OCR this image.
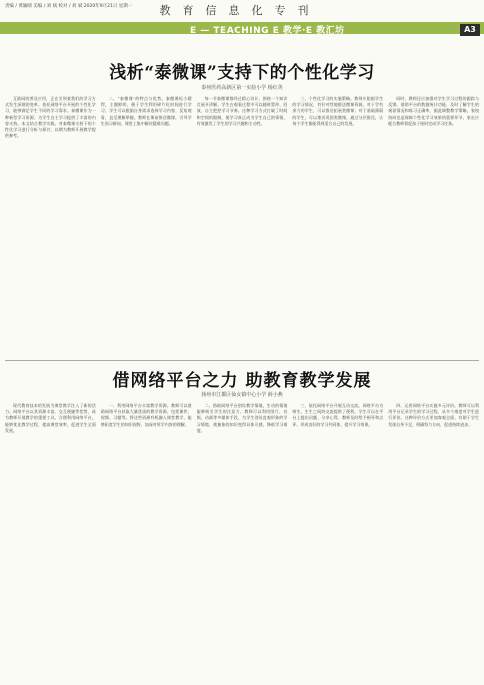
责编 / 黄颖晴 美编 / 刘 斌 校对 / 刘 斌 2020年9月21日 星期一	教育信息化专刊
E — TEACHING E 教学·E 教汇坊	A3
浅析“泰微课”支持下的个性化学习
泰州医药高新区第一实验小学 杨红英

互联网的普及应用，正在引领着我们的学习方式发生深刻的变革。依托网络平台开展的个性化学习，能够满足学生不同的学习需求。泰微课作为一种新型学习资源，为学生自主学习提供了丰富的内容支持。本文结合教学实践，对泰微课支持下的个性化学习进行分析与探讨，以期为教师开展教学提供参考。

二、“泰微课”的特点与优势。泰微课短小精悍，主题鲜明，便于学生利用碎片化时间进行学习。学生可以根据自身需求选择学习内容，反复观看，直至理解掌握。教师在课前推送微课，引导学生预习新知，课堂上集中解决疑难问题。

每一节泰微课都经过精心设计，围绕一个知识点展开讲解。学生在观看过程中可以随时暂停、回放，自主把控学习节奏。这种学习方式打破了时间和空间的限制，使学习真正成为学生自己的事情，有效激发了学生的学习兴趣和主动性。

三、个性化学习的实施策略。教师应根据学生的学习情况，有针对性地推送微课资源。对于学有余力的学生，可以推送拓展类微课；对于基础薄弱的学生，可以推送巩固类微课。通过分层推送，让每个学生都能得到适合自己的发展。

同时，教师还应加强对学生学习过程的跟踪与反馈。借助平台的数据统计功能，及时了解学生的观看情况和练习正确率，据此调整教学策略。家校协同也是保障个性化学习效果的重要环节，家长应配合教师督促孩子按时完成学习任务。

借网络平台之力 助教育教学发展
扬州市江都区仙女镇中心小学 薛小燕

现代教育技术的发展为课堂教学注入了新的活力。网络平台以其资源丰富、交互便捷等优势，成为教师开展教学的重要工具。合理利用网络平台，能够优化教学过程，提高课堂效率，促进学生全面发展。

一、利用网络平台丰富教学资源。教师可以借助网络平台获取大量优质的教学资源，包括课件、视频、习题等。将这些资源有机融入课堂教学，能够拓宽学生的知识视野，加深对所学内容的理解。

二、借助网络平台创设教学情境。生动的情境能够吸引学生的注意力。教师可以利用图片、音频、动画等多媒体手段，为学生创设直观形象的学习情境，使抽象的知识变得具体可感，降低学习难度。

三、依托网络平台开展互动交流。网络平台为师生、生生之间的交流提供了便利。学生可以在平台上提出问题、分享心得，教师及时给予指导和点评，形成良好的学习共同体，提升学习效果。

四、运用网络平台实施多元评价。教师可以利用平台记录学生的学习过程，从多个维度对学生进行评价。这种评价方式更加客观全面，有助于学生发现自身不足，明确努力方向，促进持续进步。
